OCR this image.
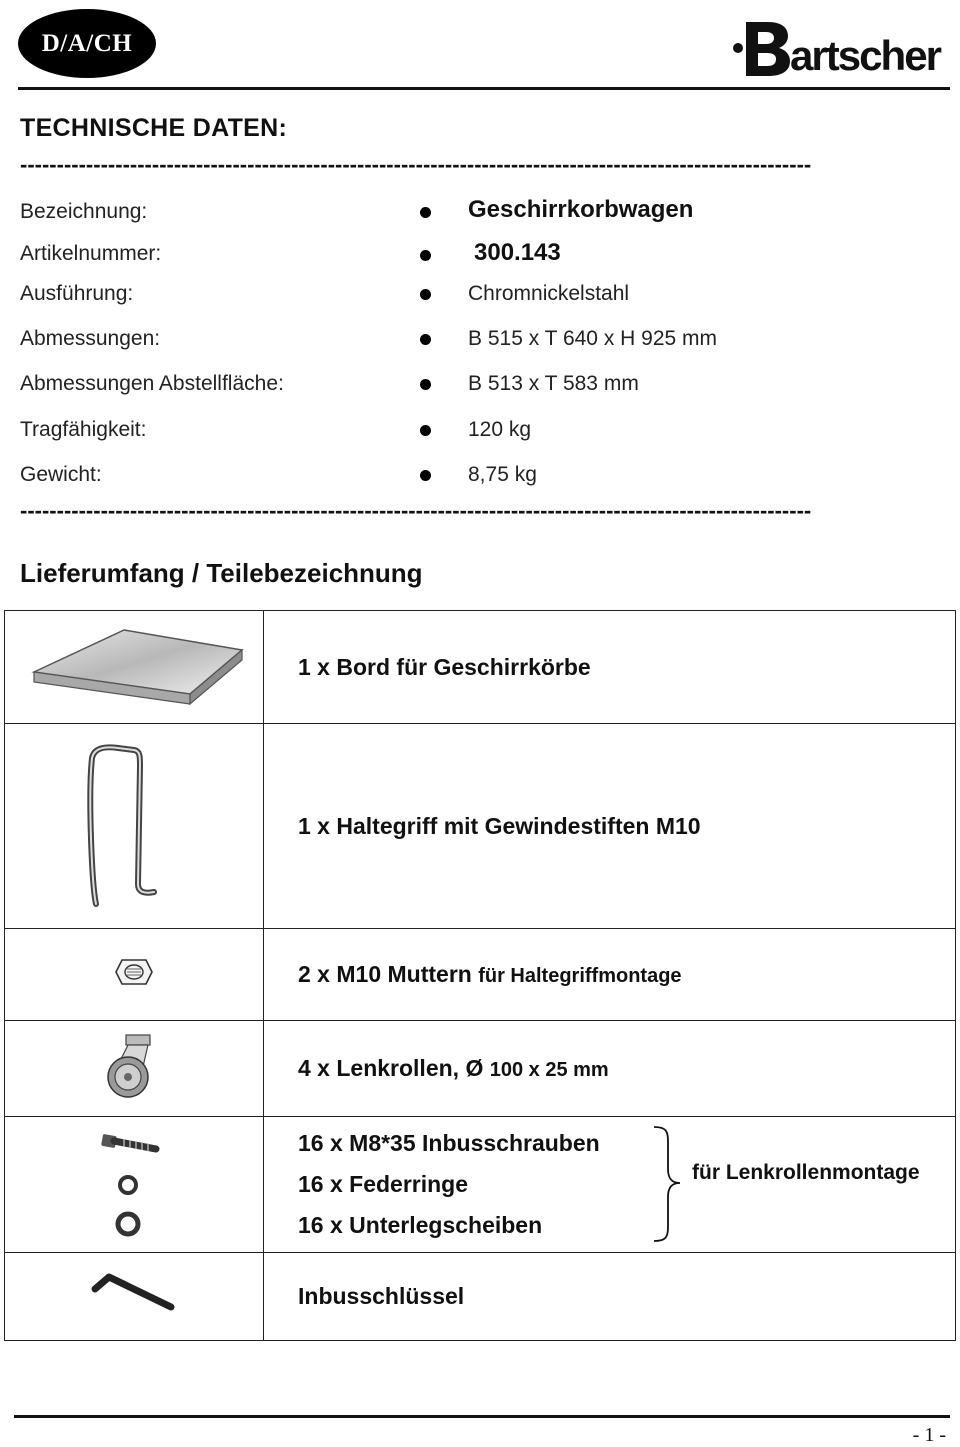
D/A/CH	artscher
TECHNISCHE DATEN:
------------------------------------------------------------------------------------------------------------
Bezeichnung:	Geschirrkorbwagen
Artikelnummer:	300.143
Ausführung:	Chromnickelstahl
Abmessungen:	B 515 x T 640 x H 925 mm
Abmessungen Abstellfläche:	B 513 x T 583 mm
Tragfähigkeit:	120 kg
Gewicht:	8,75 kg
------------------------------------------------------------------------------------------------------------
Lieferumfang / Teilebezeichnung
	1 x Bord für Geschirrkörbe
	1 x Haltegriff mit Gewindestiften M10
	2 x M10 Muttern für Haltegriffmontage
	4 x Lenkrollen, Ø 100 x 25 mm

16 x M8*35 Inbusschrauben
16 x Federringe
16 x Unterlegscheiben
für Lenkrollenmontage

	Inbusschlüssel
- 1 -
